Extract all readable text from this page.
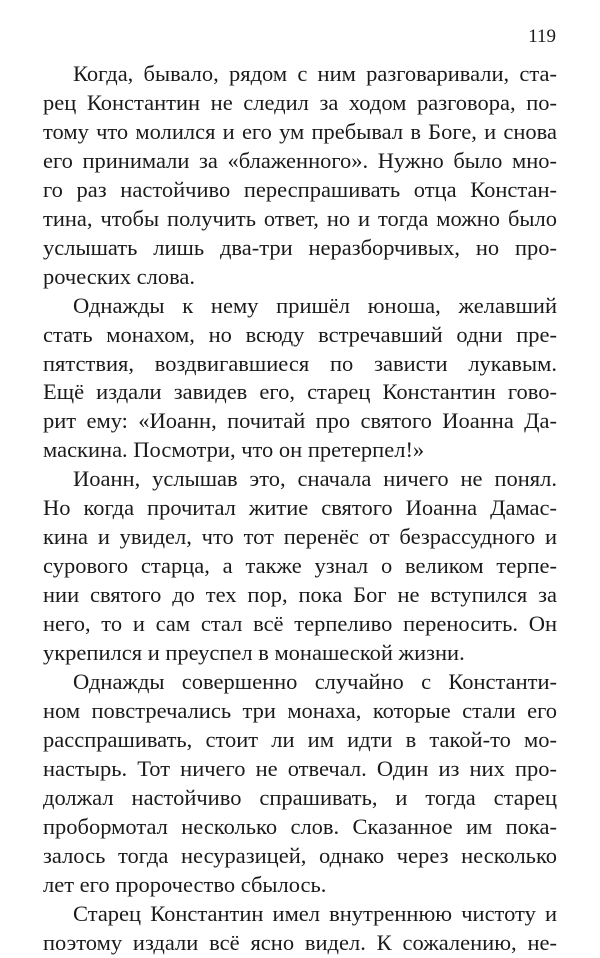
119
Когда, бывало, рядом с ним разговаривали, ста-
рец Константин не следил за ходом разговора, по-
тому что молился и его ум пребывал в Боге, и снова
его принимали за «блаженного». Нужно было мно-
го раз настойчиво переспрашивать отца Констан-
тина, чтобы получить ответ, но и тогда можно было
услышать лишь два-три неразборчивых, но про-
роческих слова.
Однажды к нему пришёл юноша, желавший
стать монахом, но всюду встречавший одни пре-
пятствия, воздвигавшиеся по зависти лукавым.
Ещё издали завидев его, старец Константин гово-
рит ему: «Иоанн, почитай про святого Иоанна Да-
маскина. Посмотри, что он претерпел!»
Иоанн, услышав это, сначала ничего не понял.
Но когда прочитал житие святого Иоанна Дамас-
кина и увидел, что тот перенёс от безрассудного и
сурового старца, а также узнал о великом терпе-
нии святого до тех пор, пока Бог не вступился за
него, то и сам стал всё терпеливо переносить. Он
укрепился и преуспел в монашеской жизни.
Однажды совершенно случайно с Константи-
ном повстречались три монаха, которые стали его
расспрашивать, стоит ли им идти в такой-то мо-
настырь. Тот ничего не отвечал. Один из них про-
должал настойчиво спрашивать, и тогда старец
пробормотал несколько слов. Сказанное им пока-
залось тогда несуразицей, однако через несколько
лет его пророчество сбылось.
Старец Константин имел внутреннюю чистоту и
поэтому издали всё ясно видел. К сожалению, не-
